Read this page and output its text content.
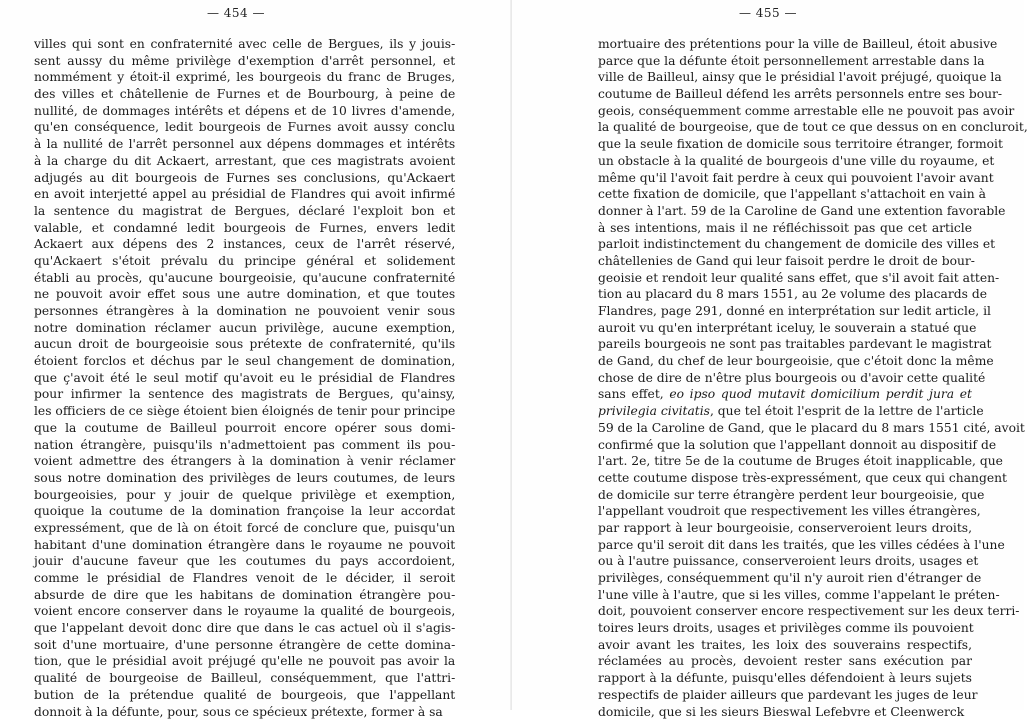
— 454 —	— 455 —
villes qui sont en confraternité avec celle de Bergues, ils y jouis-
sent aussy du même privilège d'exemption d'arrêt personnel, et
nommément y étoit-il exprimé, les bourgeois du franc de Bruges,
des villes et châtellenie de Furnes et de Bourbourg, à peine de
nullité, de dommages intérêts et dépens et de 10 livres d'amende,
qu'en conséquence, ledit bourgeois de Furnes avoit aussy conclu
à la nullité de l'arrêt personnel aux dépens dommages et intérêts
à la charge du dit Ackaert, arrestant, que ces magistrats avoient
adjugés au dit bourgeois de Furnes ses conclusions, qu'Ackaert
en avoit interjetté appel au présidial de Flandres qui avoit infirmé
la sentence du magistrat de Bergues, déclaré l'exploit bon et
valable, et condamné ledit bourgeois de Furnes, envers ledit
Ackaert aux dépens des 2 instances, ceux de l'arrêt réservé,
qu'Ackaert s'étoit prévalu du principe général et solidement
établi au procès, qu'aucune bourgeoisie, qu'aucune confraternité
ne pouvoit avoir effet sous une autre domination, et que toutes
personnes étrangères à la domination ne pouvoient venir sous
notre domination réclamer aucun privilège, aucune exemption,
aucun droit de bourgeoisie sous prétexte de confraternité, qu'ils
étoient forclos et déchus par le seul changement de domination,
que ç'avoit été le seul motif qu'avoit eu le présidial de Flandres
pour infirmer la sentence des magistrats de Bergues, qu'ainsy,
les officiers de ce siège étoient bien éloignés de tenir pour principe
que la coutume de Bailleul pourroit encore opérer sous domi-
nation étrangère, puisqu'ils n'admettoient pas comment ils pou-
voient admettre des étrangers à la domination à venir réclamer
sous notre domination des privilèges de leurs coutumes, de leurs
bourgeoisies, pour y jouir de quelque privilège et exemption,
quoique la coutume de la domination françoise la leur accordat
expressément, que de là on étoit forcé de conclure que, puisqu'un
habitant d'une domination étrangère dans le royaume ne pouvoit
jouir d'aucune faveur que les coutumes du pays accordoient,
comme le présidial de Flandres venoit de le décider, il seroit
absurde de dire que les habitans de domination étrangère pou-
voient encore conserver dans le royaume la qualité de bourgeois,
que l'appelant devoit donc dire que dans le cas actuel où il s'agis-
soit d'une mortuaire, d'une personne étrangère de cette domina-
tion, que le présidial avoit préjugé qu'elle ne pouvoit pas avoir la
qualité de bourgeoise de Bailleul, conséquemment, que l'attri-
bution de la prétendue qualité de bourgeois, que l'appellant
donnoit à la défunte, pour, sous ce spécieux prétexte, former à sa
mortuaire des prétentions pour la ville de Bailleul, étoit abusive
parce que la défunte étoit personnellement arrestable dans la
ville de Bailleul, ainsy que le présidial l'avoit préjugé, quoique la
coutume de Bailleul défend les arrêts personnels entre ses bour-
geois, conséquemment comme arrestable elle ne pouvoit pas avoir
la qualité de bourgeoise, que de tout ce que dessus on en concluroit,
que la seule fixation de domicile sous territoire étranger, formoit
un obstacle à la qualité de bourgeois d'une ville du royaume, et
même qu'il l'avoit fait perdre à ceux qui pouvoient l'avoir avant
cette fixation de domicile, que l'appellant s'attachoit en vain à
donner à l'art. 59 de la Caroline de Gand une extention favorable
à ses intentions, mais il ne réfléchissoit pas que cet article
parloit indistinctement du changement de domicile des villes et
châtellenies de Gand qui leur faisoit perdre le droit de bour-
geoisie et rendoit leur qualité sans effet, que s'il avoit fait atten-
tion au placard du 8 mars 1551, au 2e volume des placards de
Flandres, page 291, donné en interprétation sur ledit article, il
auroit vu qu'en interprétant iceluy, le souverain a statué que
pareils bourgeois ne sont pas traitables pardevant le magistrat
de Gand, du chef de leur bourgeoisie, que c'étoit donc la même
chose de dire de n'être plus bourgeois ou d'avoir cette qualité
sans effet, eo ipso quod mutavit domicilium perdit jura et
privilegia civitatis, que tel étoit l'esprit de la lettre de l'article
59 de la Caroline de Gand, que le placard du 8 mars 1551 cité, avoit
confirmé que la solution que l'appellant donnoit au dispositif de
l'art. 2e, titre 5e de la coutume de Bruges étoit inapplicable, que
cette coutume dispose très-expressément, que ceux qui changent
de domicile sur terre étrangère perdent leur bourgeoisie, que
l'appellant voudroit que respectivement les villes étrangères,
par rapport à leur bourgeoisie, conserveroient leurs droits,
parce qu'il seroit dit dans les traités, que les villes cédées à l'une
ou à l'autre puissance, conserveroient leurs droits, usages et
privilèges, conséquemment qu'il n'y auroit rien d'étranger de
l'une ville à l'autre, que si les villes, comme l'appelant le préten-
doit, pouvoient conserver encore respectivement sur les deux terri-
toires leurs droits, usages et privilèges comme ils pouvoient
avoir avant les traites, les loix des souverains respectifs,
réclamées au procès, devoient rester sans exécution par
rapport à la défunte, puisqu'elles défendoient à leurs sujets
respectifs de plaider ailleurs que pardevant les juges de leur
domicile, que si les sieurs Bieswal Lefebvre et Cleenwerck
